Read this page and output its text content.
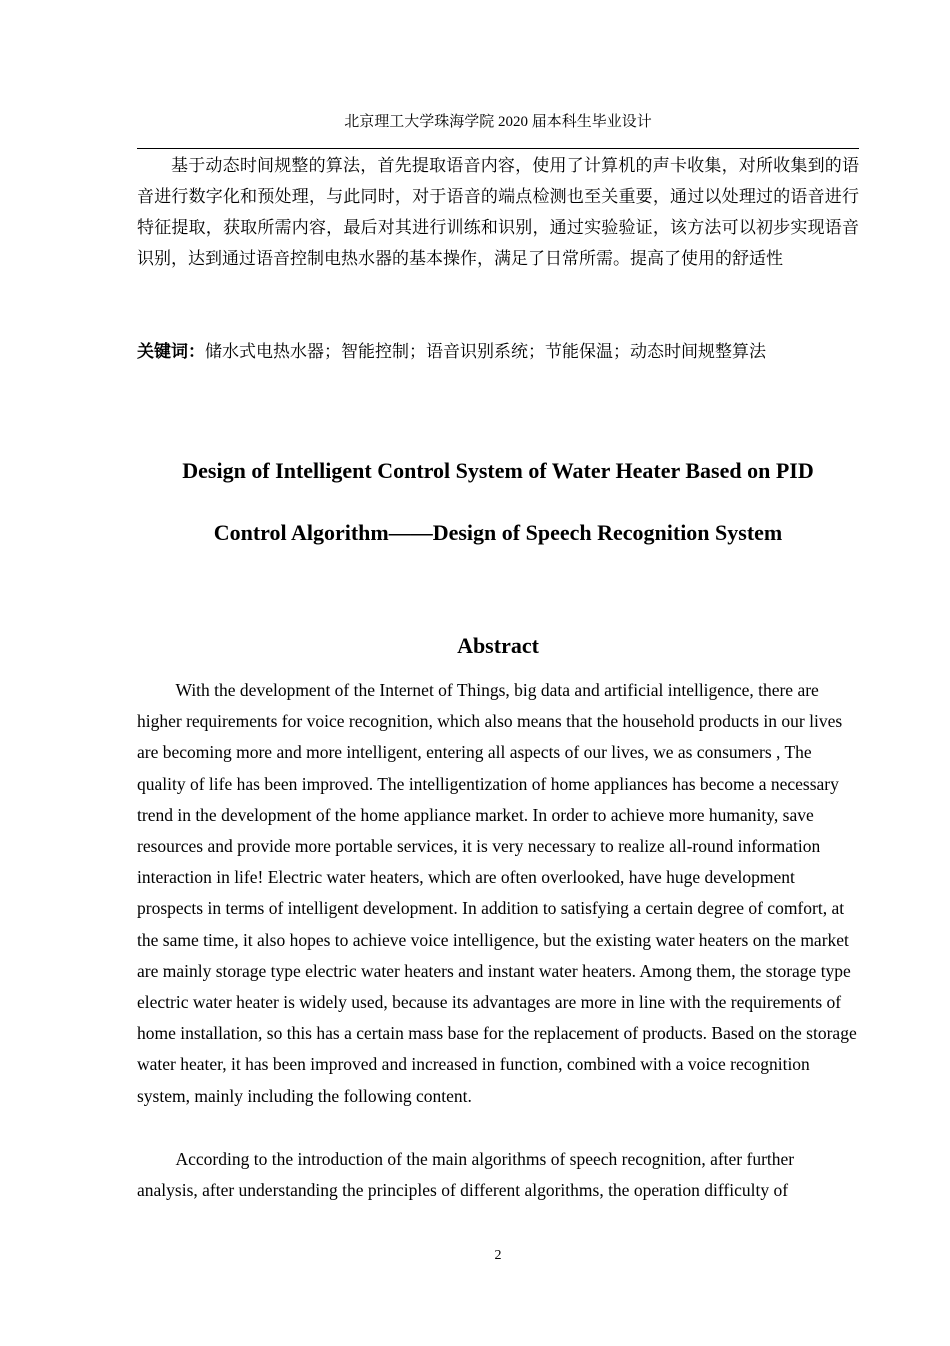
北京理工大学珠海学院 2020 届本科生毕业设计

基于动态时间规整的算法，首先提取语音内容，使用了计算机的声卡收集，对所收集到的语音进行数字化和预处理，与此同时，对于语音的端点检测也至关重要，通过以处理过的语音进行特征提取，获取所需内容，最后对其进行训练和识别，通过实验验证，该方法可以初步实现语音识别，达到通过语音控制电热水器的基本操作，满足了日常所需。提高了使用的舒适性

关键词：储水式电热水器；智能控制；语音识别系统；节能保温；动态时间规整算法

Design of Intelligent Control System of Water Heater Based on PID
Control Algorithm——Design of Speech Recognition System
Abstract

With the development of the Internet of Things, big data and artificial intelligence, there are higher requirements for voice recognition, which also means that the household products in our lives are becoming more and more intelligent, entering all aspects of our lives, we as consumers , The quality of life has been improved. The intelligentization of home appliances has become a necessary trend in the development of the home appliance market. In order to achieve more humanity, save resources and provide more portable services, it is very necessary to realize all-round information interaction in life! Electric water heaters, which are often overlooked, have huge development prospects in terms of intelligent development. In addition to satisfying a certain degree of comfort, at the same time, it also hopes to achieve voice intelligence, but the existing water heaters on the market are mainly storage type electric water heaters and instant water heaters. Among them, the storage type electric water heater is widely used, because its advantages are more in line with the requirements of home installation, so this has a certain mass base for the replacement of products. Based on the storage water heater, it has been improved and increased in function, combined with a voice recognition system, mainly including the following content.

According to the introduction of the main algorithms of speech recognition, after further analysis, after understanding the principles of different algorithms, the operation difficulty of

2
